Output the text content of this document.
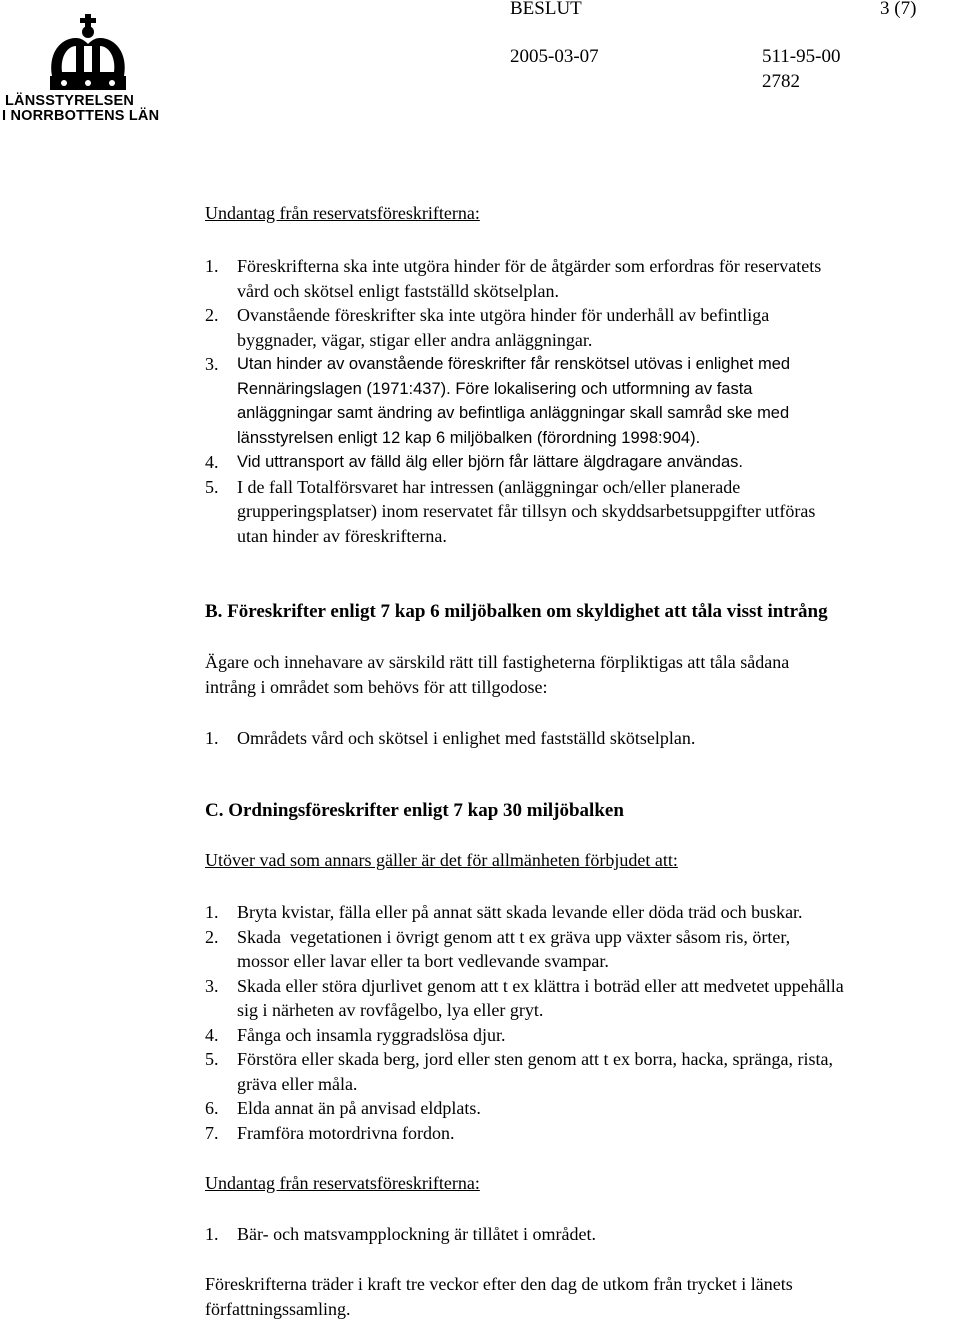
LÄNSSTYRELSEN
I NORRBOTTENS LÄN
BESLUT	3 (7)
2005-03-07	511-95-00
2782
Undantag från reservatsföreskrifterna:
1. Föreskrifterna ska inte utgöra hinder för de åtgärder som erfordras för reservatets
vård och skötsel enligt fastställd skötselplan.
2. Ovanstående föreskrifter ska inte utgöra hinder för underhåll av befintliga
byggnader, vägar, stigar eller andra anläggningar.
3. Utan hinder av ovanstående föreskrifter får renskötsel utövas i enlighet med
Rennäringslagen (1971:437). Före lokalisering och utformning av fasta
anläggningar samt ändring av befintliga anläggningar skall samråd ske med
länsstyrelsen enligt 12 kap 6 miljöbalken (förordning 1998:904).
4. Vid uttransport av fälld älg eller björn får lättare älgdragare användas.
5. I de fall Totalförsvaret har intressen (anläggningar och/eller planerade
grupperingsplatser) inom reservatet får tillsyn och skyddsarbetsuppgifter utföras
utan hinder av föreskrifterna.
B. Föreskrifter enligt 7 kap 6 miljöbalken om skyldighet att tåla visst intrång
Ägare och innehavare av särskild rätt till fastigheterna förpliktigas att tåla sådana
intrång i området som behövs för att tillgodose:
1. Områdets vård och skötsel i enlighet med fastställd skötselplan.
C. Ordningsföreskrifter enligt 7 kap 30 miljöbalken
Utöver vad som annars gäller är det för allmänheten förbjudet att:
1. Bryta kvistar, fälla eller på annat sätt skada levande eller döda träd och buskar.
2. Skada  vegetationen i övrigt genom att t ex gräva upp växter såsom ris, örter,
mossor eller lavar eller ta bort vedlevande svampar.
3. Skada eller störa djurlivet genom att t ex klättra i boträd eller att medvetet uppehålla
sig i närheten av rovfågelbo, lya eller gryt.
4. Fånga och insamla ryggradslösa djur.
5. Förstöra eller skada berg, jord eller sten genom att t ex borra, hacka, spränga, rista,
gräva eller måla.
6. Elda annat än på anvisad eldplats.
7. Framföra motordrivna fordon.
Undantag från reservatsföreskrifterna:
1. Bär- och matsvampplockning är tillåtet i området.
Föreskrifterna träder i kraft tre veckor efter den dag de utkom från trycket i länets
författningssamling.
